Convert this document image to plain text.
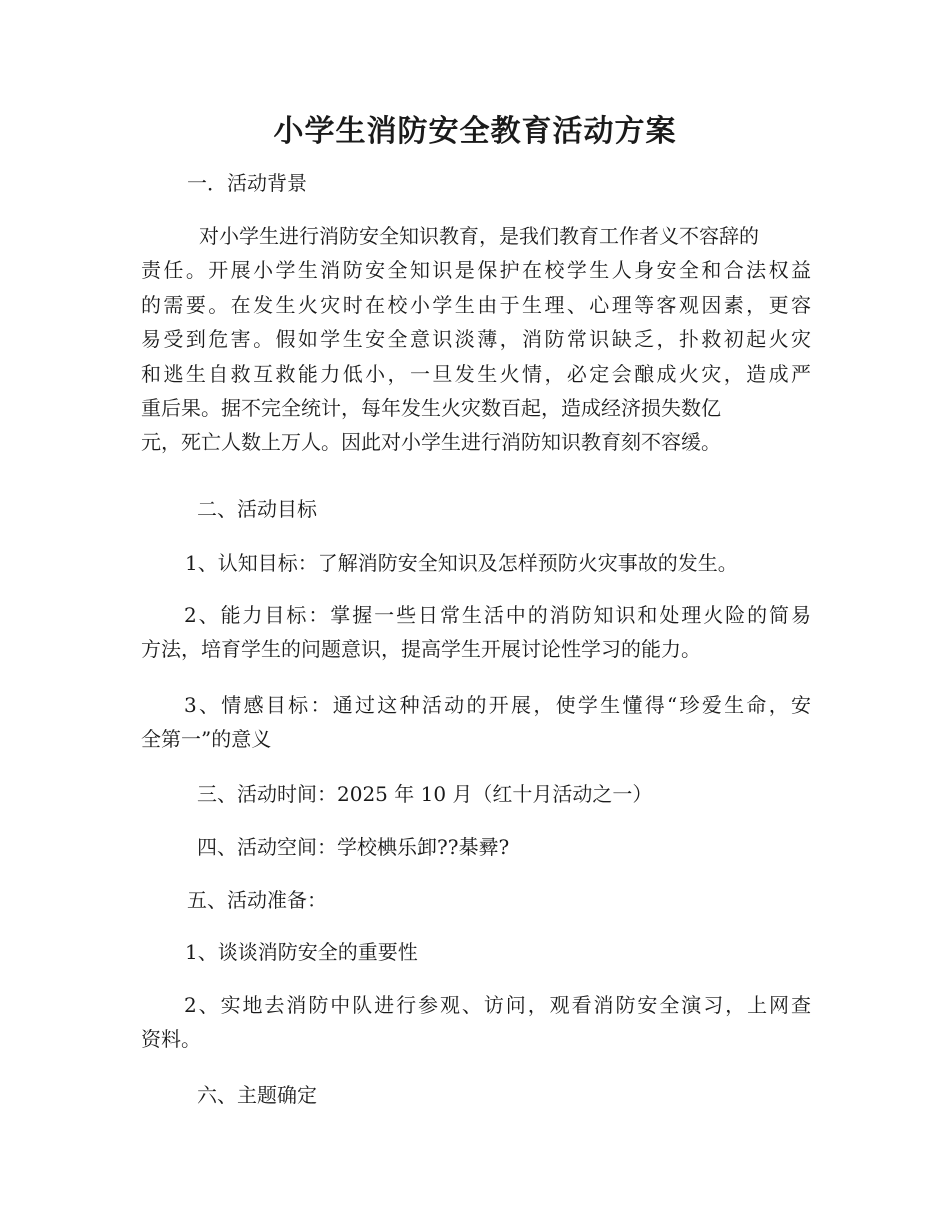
小学生消防安全教育活动方案

一．活动背景

对小学生进行消防安全知识教育，是我们教育工作者义不容辞的
责任。开展小学生消防安全知识是保护在校学生人身安全和合法权益
的需要。在发生火灾时在校小学生由于生理、心理等客观因素，更容
易受到危害。假如学生安全意识淡薄，消防常识缺乏，扑救初起火灾
和逃生自救互救能力低小，一旦发生火情，必定会酿成火灾，造成严
重后果。据不完全统计，每年发生火灾数百起，造成经济损失数亿
元，死亡人数上万人。因此对小学生进行消防知识教育刻不容缓。

二、活动目标

1、认知目标：了解消防安全知识及怎样预防火灾事故的发生。

2、能力目标：掌握一些日常生活中的消防知识和处理火险的简易
方法，培育学生的问题意识，提高学生开展讨论性学习的能力。
3、情感目标：通过这种活动的开展，使学生懂得“珍爱生命，安
全第一”的意义

三、活动时间：2025 年 10 月（红十月活动之一）

四、活动空间：学校椣乐卸??棊彛?

五、活动准备：

1、谈谈消防安全的重要性

2、实地去消防中队进行参观、访问，观看消防安全演习，上网查
资料。

六、主题确定
